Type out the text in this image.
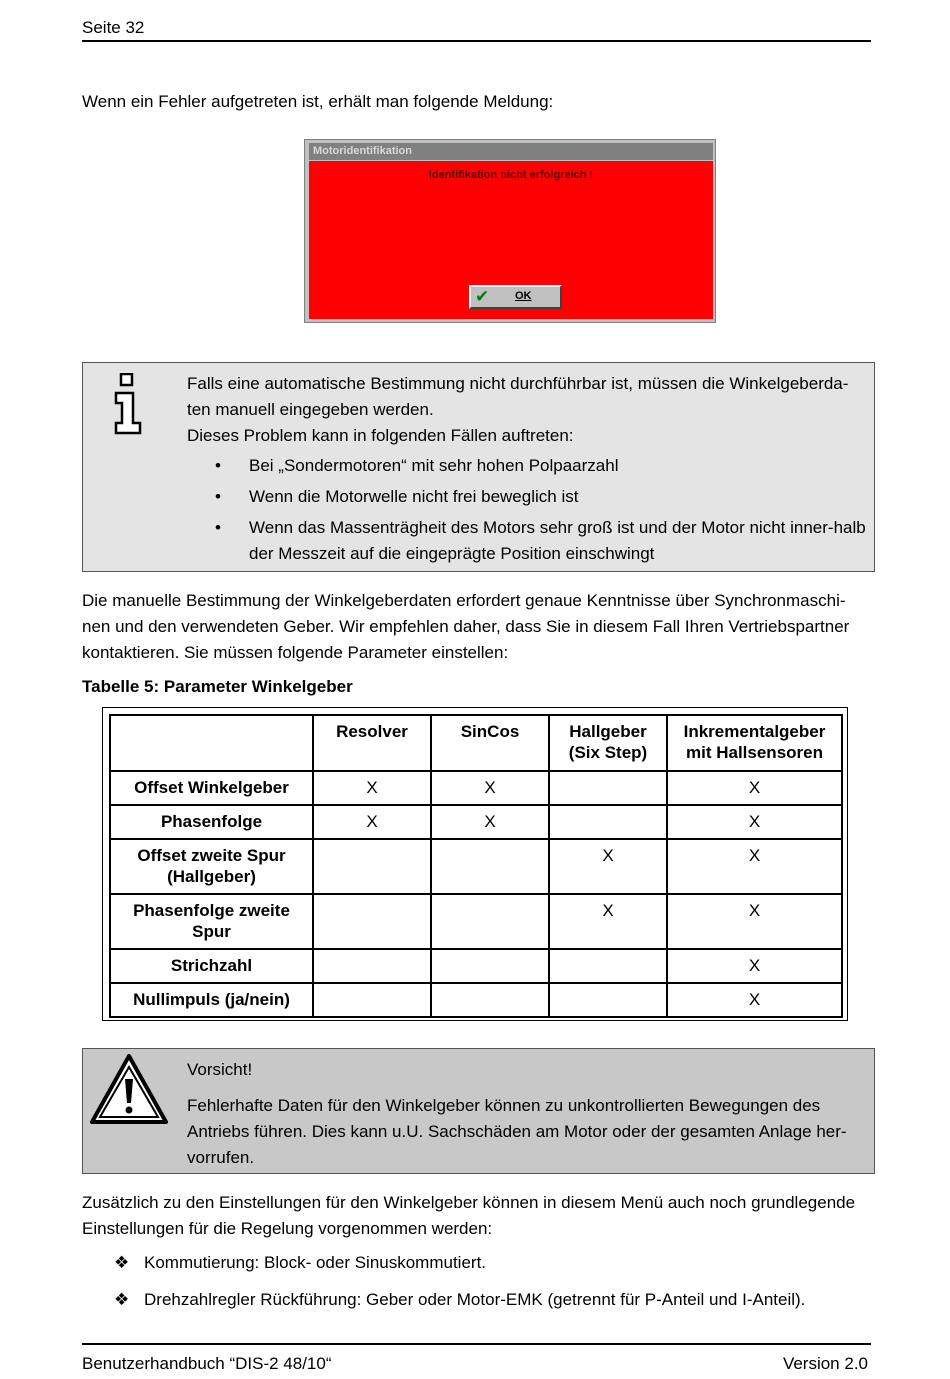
Seite 32
Wenn ein Fehler aufgetreten ist, erhält man folgende Meldung:
Motoridentifikation
Identifikation nicht erfolgreich !
✔ OK

Falls eine automatische Bestimmung nicht durchführbar ist, müssen die Winkelgeberda-

ten manuell eingegeben werden.

Dieses Problem kann in folgenden Fällen auftreten:

• Bei „Sondermotoren“ mit sehr hohen Polpaarzahl
• Wenn die Motorwelle nicht frei beweglich ist
• Wenn das Massenträgheit des Motors sehr groß ist und der Motor nicht inner-halb der Messzeit auf die eingeprägte Position einschwingt
Die manuelle Bestimmung der Winkelgeberdaten erfordert genaue Kenntnisse über Synchronmaschi-nen und den verwendeten Geber. Wir empfehlen daher, dass Sie in diesem Fall Ihren Vertriebspartner kontaktieren. Sie müssen folgende Parameter einstellen:
Tabelle 5: Parameter Winkelgeber
	Resolver	SinCos	Hallgeber (Six Step)	Inkrementalgeber mit Hallsensoren
Offset Winkelgeber	X	X		X
Phasenfolge	X	X		X
Offset zweite Spur (Hallgeber)			X	X
Phasenfolge zweite Spur			X	X
Strichzahl				X
Nullimpuls (ja/nein)				X

Vorsicht!

Fehlerhafte Daten für den Winkelgeber können zu unkontrollierten Bewegungen des Antriebs führen. Dies kann u.U. Sachschäden am Motor oder der gesamten Anlage her-vorrufen.

Zusätzlich zu den Einstellungen für den Winkelgeber können in diesem Menü auch noch grundlegende Einstellungen für die Regelung vorgenommen werden:
❖ Kommutierung: Block- oder Sinuskommutiert.
❖ Drehzahlregler Rückführung: Geber oder Motor-EMK (getrennt für P-Anteil und I-Anteil).
Benutzerhandbuch “DIS-2 48/10“	Version 2.0
